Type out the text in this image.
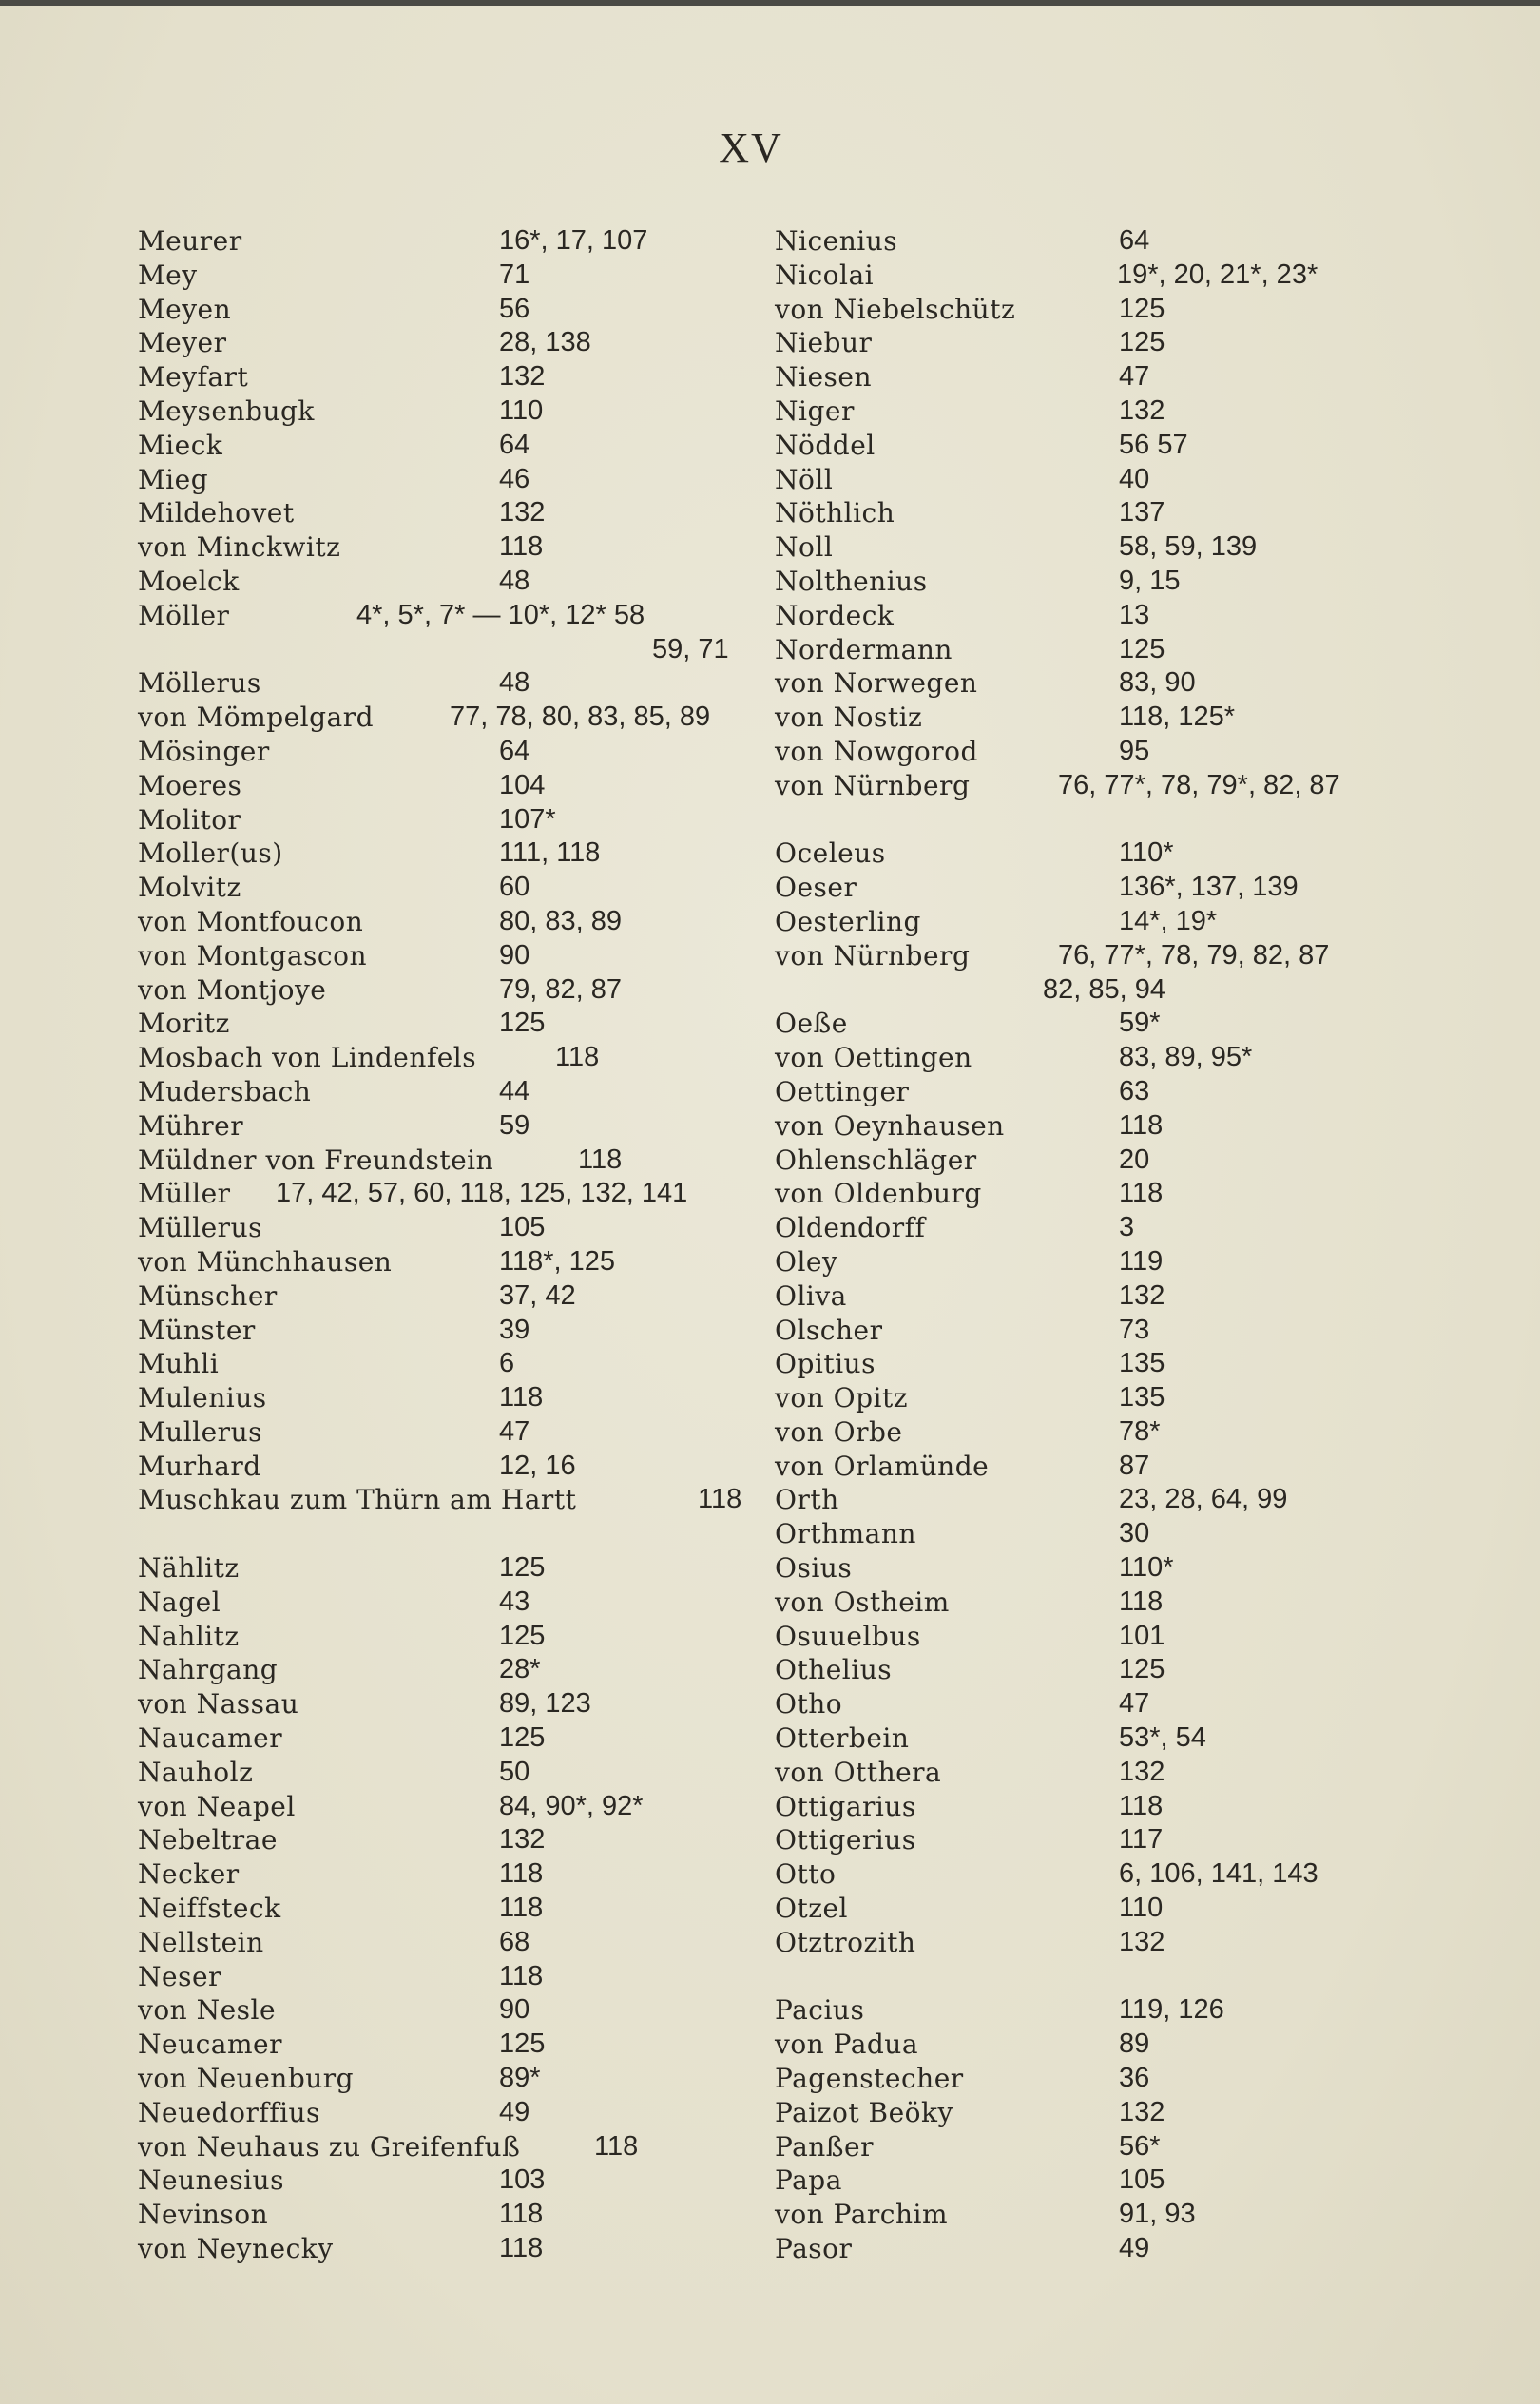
XV
Meurer	16*, 17, 107
Mey	71
Meyen	56
Meyer	28, 138
Meyfart	132
Meysenbugk	110
Mieck	64
Mieg	46
Mildehovet	132
von Minckwitz	118
Moelck	48
Möller	4*, 5*, 7* — 10*, 12* 58
59, 71
Möllerus	48
von Mömpelgard	77, 78, 80, 83, 85, 89
Mösinger	64
Moeres	104
Molitor	107*
Moller(us)	111, 118
Molvitz	60
von Montfoucon	80, 83, 89
von Montgascon	90
von Montjoye	79, 82, 87
Moritz	125
Mosbach von Lindenfels	118
Mudersbach	44
Mührer	59
Müldner von Freundstein	118
Müller 17, 42, 57, 60, 118, 125, 132, 141
Müllerus	105
von Münchhausen	118*, 125
Münscher	37, 42
Münster	39
Muhli	6
Mulenius	118
Mullerus	47
Murhard	12, 16
Muschkau zum Thürn am Hartt	118
Nählitz	125
Nagel	43
Nahlitz	125
Nahrgang	28*
von Nassau	89, 123
Naucamer	125
Nauholz	50
von Neapel	84, 90*, 92*
Nebeltrae	132
Necker	118
Neiffsteck	118
Nellstein	68
Neser	118
von Nesle	90
Neucamer	125
von Neuenburg	89*
Neuedorffius	49
von Neuhaus zu Greifenfuß	118
Neunesius	103
Nevinson	118
von Neynecky	118
Nicenius	64
Nicolai	19*, 20, 21*, 23*
von Niebelschütz	125
Niebur	125
Niesen	47
Niger	132
Nöddel	56 57
Nöll	40
Nöthlich	137
Noll	58, 59, 139
Nolthenius	9, 15
Nordeck	13
Nordermann	125
von Norwegen	83, 90
von Nostiz	118, 125*
von Nowgorod	95
von Nürnberg	76, 77*, 78, 79*, 82, 87
Oceleus	110*
Oeser	136*, 137, 139
Oesterling	14*, 19*
von Nürnberg	76, 77*, 78, 79, 82, 87
82, 85, 94
Oeße	59*
von Oettingen	83, 89, 95*
Oettinger	63
von Oeynhausen	118
Ohlenschläger	20
von Oldenburg	118
Oldendorff	3
Oley	119
Oliva	132
Olscher	73
Opitius	135
von Opitz	135
von Orbe	78*
von Orlamünde	87
Orth	23, 28, 64, 99
Orthmann	30
Osius	110*
von Ostheim	118
Osuuelbus	101
Othelius	125
Otho	47
Otterbein	53*, 54
von Otthera	132
Ottigarius	118
Ottigerius	117
Otto	6, 106, 141, 143
Otzel	110
Otztrozith	132
Pacius	119, 126
von Padua	89
Pagenstecher	36
Paizot Beöky	132
Panßer	56*
Papa	105
von Parchim	91, 93
Pasor	49
